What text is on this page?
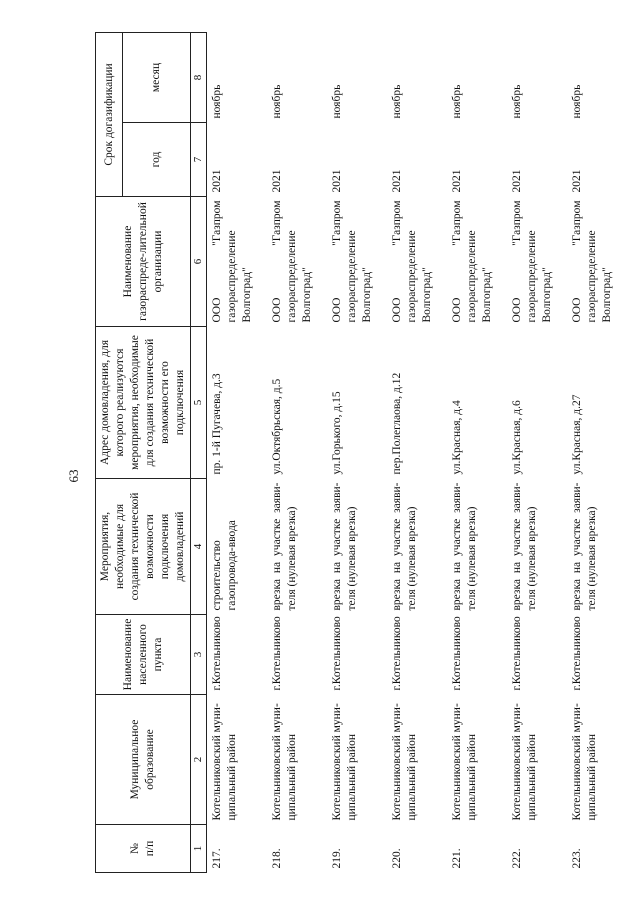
63
№
п/п	Муниципальное образование	Наименование населенного пункта	Мероприятия, необходимые для создания технической возможности подключения домовладений	Адрес домовладения, для которого реализуются мероприятия, необходимые для создания технической возможности его подключения	Наименование газораспреде-лительной организации	Срок догазификации	
						год	месяц
1	2	3	4	5	6	7	8
217.	Котельниковский муни-ципальный район	г.Котельниково	строительство газопровода-ввода	пр. 1-й Пугачева, д.3	ООО "Газпром газораспределение Волгоград"	2021	ноябрь
218.	Котельниковский муни-ципальный район	г.Котельниково	врезка на участке заяви-теля (нулевая врезка)	ул.Октябрьская, д.5	ООО "Газпром газораспределение Волгоград"	2021	ноябрь
219.	Котельниковский муни-ципальный район	г.Котельниково	врезка на участке заяви-теля (нулевая врезка)	ул.Горького, д.15	ООО "Газпром газораспределение Волгоград"	2021	ноябрь
220.	Котельниковский муни-ципальный район	г.Котельниково	врезка на участке заяви-теля (нулевая врезка)	пер.Полеглаова, д.12	ООО "Газпром газораспределение Волгоград"	2021	ноябрь
221.	Котельниковский муни-ципальный район	г.Котельниково	врезка на участке заяви-теля (нулевая врезка)	ул.Красная, д.4	ООО "Газпром газораспределение Волгоград"	2021	ноябрь
222.	Котельниковский муни-ципальный район	г.Котельниково	врезка на участке заяви-теля (нулевая врезка)	ул.Красная, д.6	ООО "Газпром газораспределение Волгоград"	2021	ноябрь
223.	Котельниковский муни-ципальный район	г.Котельниково	врезка на участке заяви-теля (нулевая врезка)	ул.Красная, д.27	ООО "Газпром газораспределение Волгоград"	2021	ноябрь
